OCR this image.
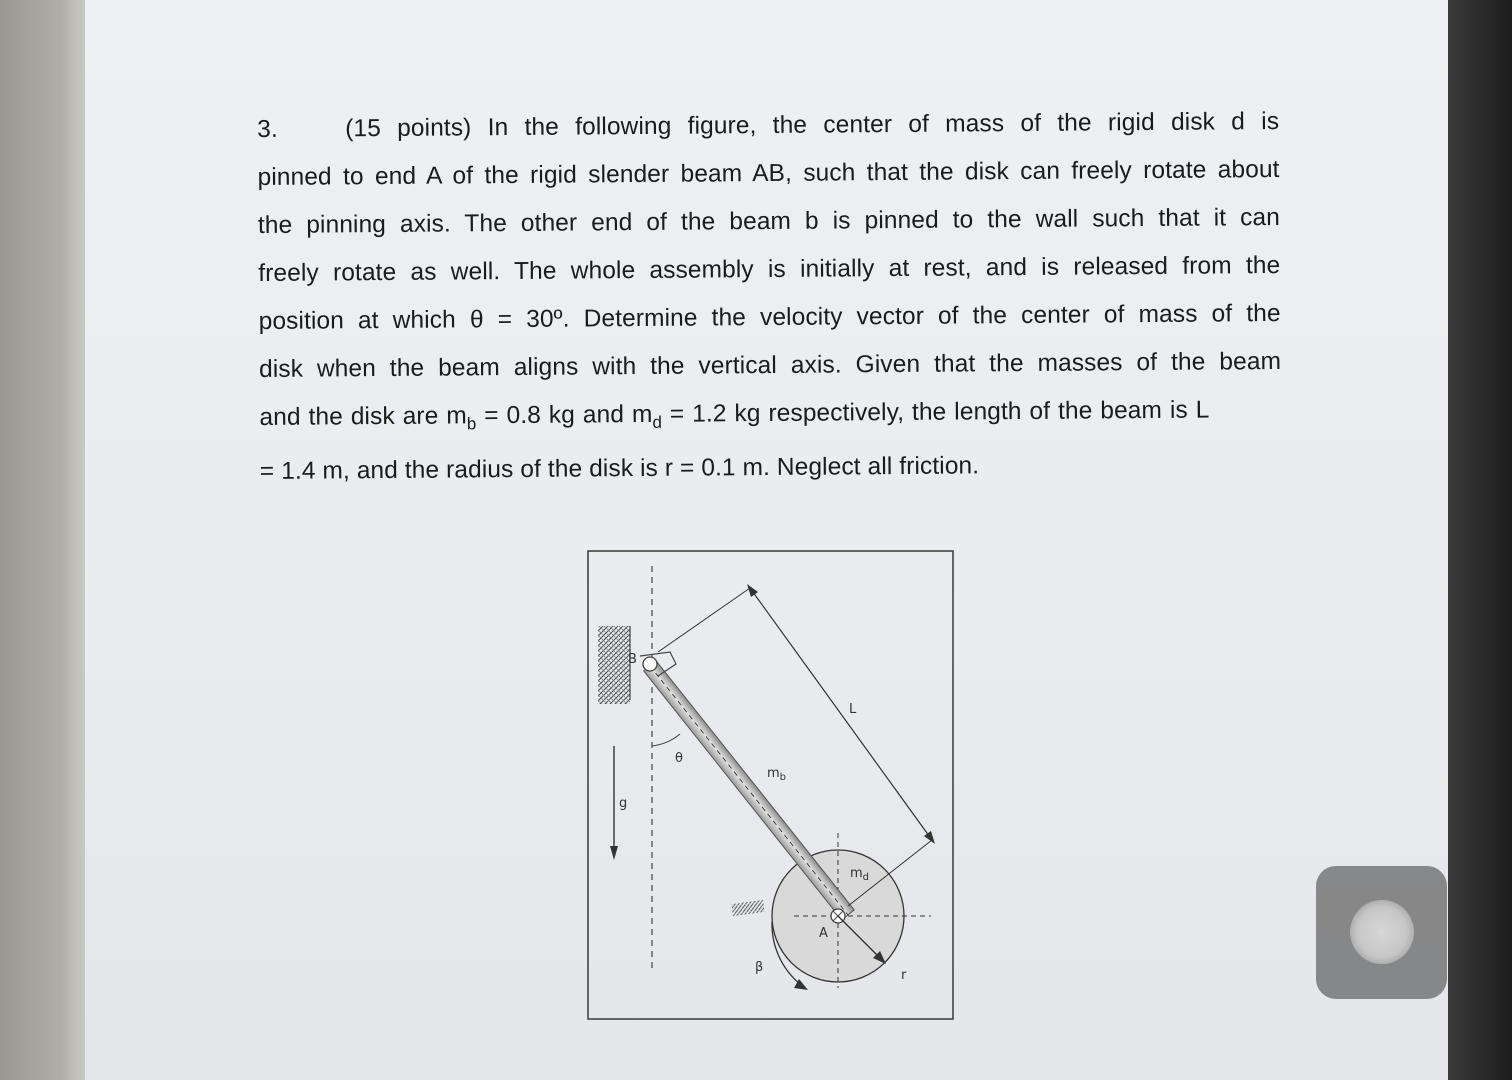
3.	(15 points) In the following figure, the center of mass of the rigid disk d is
pinned to end A of the rigid slender beam AB, such that the disk can freely rotate about
the pinning axis. The other end of the beam b is pinned to the wall such that it can
freely rotate as well. The whole assembly is initially at rest, and is released from the
position at which θ = 30º. Determine the velocity vector of the center of mass of the
disk when the beam aligns with the vertical axis. Given that the masses of the beam
and the disk are $m_b = 0.8$ kg and $m_d = 1.2$ kg respectively, the length of the beam is L
= 1.4 m, and the radius of the disk is r = 0.1 m. Neglect all friction.
B
A
L
θ
$m_b$
$m_d$
g
β
r
